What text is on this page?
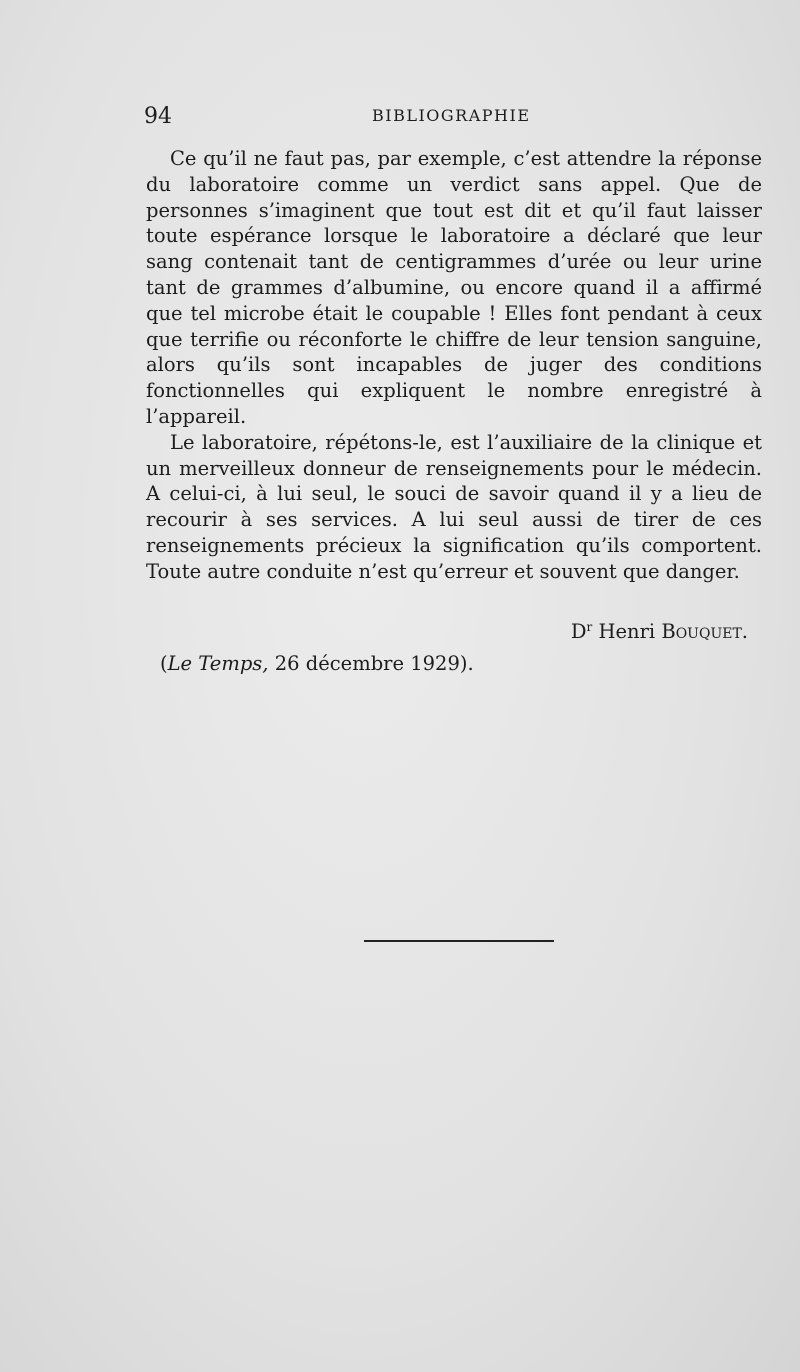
94	BIBLIOGRAPHIE

Ce qu’il ne faut pas, par exemple, c’est attendre la réponse du laboratoire comme un verdict sans appel. Que de personnes s’imaginent que tout est dit et qu’il faut laisser toute espérance lorsque le laboratoire a déclaré que leur sang contenait tant de centigrammes d’urée ou leur urine tant de grammes d’albumine, ou encore quand il a affirmé que tel microbe était le coupable ! Elles font pendant à ceux que terrifie ou réconforte le chiffre de leur tension sanguine, alors qu’ils sont incapables de juger des conditions fonctionnelles qui expliquent le nombre enregistré à l’appareil.

Le laboratoire, répétons-le, est l’auxiliaire de la clinique et un merveilleux donneur de renseignements pour le médecin. A celui-ci, à lui seul, le souci de savoir quand il y a lieu de recourir à ses services. A lui seul aussi de tirer de ces renseignements précieux la signification qu’ils comportent. Toute autre conduite n’est qu’erreur et souvent que danger.

$D^r$ Henri Bouquet.
(Le Temps, 26 décembre 1929).
